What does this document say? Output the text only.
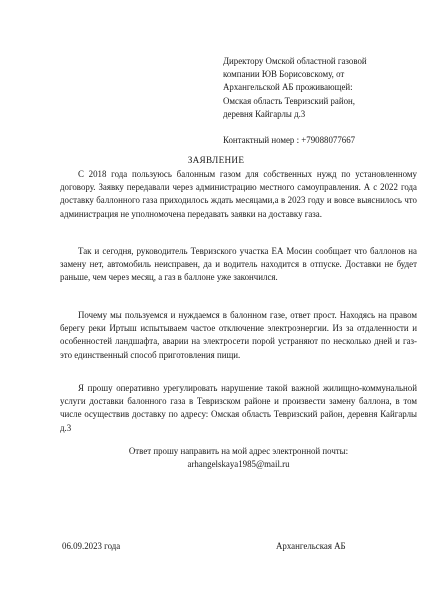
Директору Омской областной газовой
компании ЮВ Борисовскому, от
Архангельской АБ проживающей:
Омская область Тевризский район,
деревня Кайгарлы д.3
Контактный номер : +79088077667
ЗАЯВЛЕНИЕ

С 2018 года пользуюсь балонным газом для собственных нужд по установленному договору. Заявку передавали через администрацию местного самоуправления. А с 2022 года доставку баллонного газа приходилось ждать месяцами,а в 2023 году и вовсе выяснилось что администрация не уполномочена передавать заявки на доставку газа.

Так и сегодня, руководитель Тевризского участка ЕА Мосин сообщает что баллонов на замену нет, автомобиль неисправен, да и водитель находится в отпуске. Доставки не будет раньше, чем через месяц, а газ в баллоне уже закончился.

Почему мы пользуемся и нуждаемся в балонном газе, ответ прост. Находясь на правом берегу реки Иртыш испытываем частое отключение электроэнергии. Из за отдаленности и особенностей ландшафта, аварии на электросети порой устраняют по несколько дней и газ- это единственный способ приготовления пищи.

Я прошу оперативно урегулировать нарушение такой важной жилищно-коммунальной услуги доставки балонного газа в Тевризском районе и произвести замену баллона, в том числе осуществив доставку по адресу: Омская область Тевризский район, деревня Кайгарлы д.3

Ответ прошу направить на мой адрес электронной почты:
arhangelskaya1985@mail.ru
06.09.2023 года	Архангельская АБ
